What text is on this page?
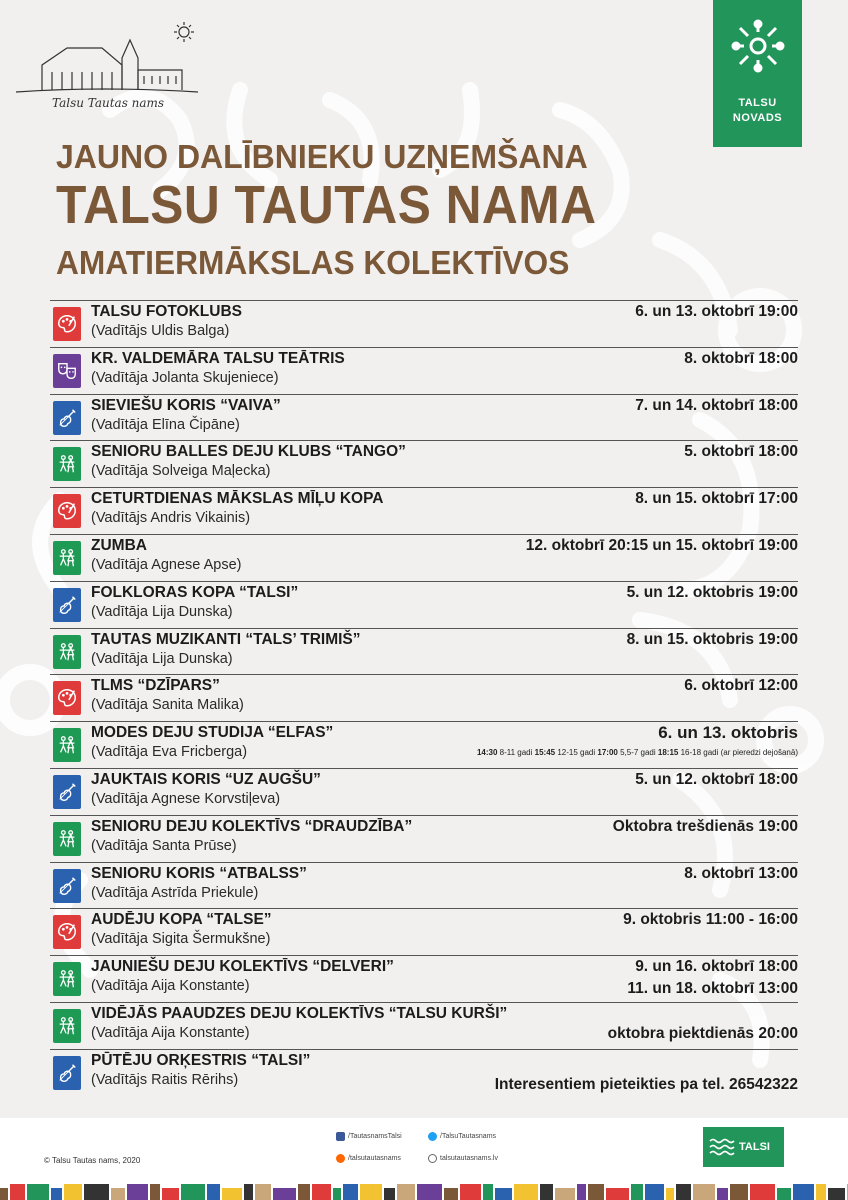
Talsu Tautas nams	TALSU
NOVADS
JAUNO DALĪBNIEKU UZŅEMŠANA
TALSU TAUTAS NAMA
AMATIERMĀKSLAS KOLEKTĪVOS
TALSU FOTOKLUBS
(Vadītājs Uldis Balga)
6. un 13. oktobrī 19:00
KR. VALDEMĀRA TALSU TEĀTRIS
(Vadītāja Jolanta Skujeniece)
8. oktobrī 18:00
SIEVIEŠU KORIS “VAIVA”
(Vadītāja Elīna Čipāne)
7. un 14. oktobrī 18:00
SENIORU BALLES DEJU KLUBS “TANGO”
(Vadītāja Solveiga Maļecka)
5. oktobrī 18:00
CETURTDIENAS MĀKSLAS MĪĻU KOPA
(Vadītājs Andris Vikainis)
8. un 15. oktobrī 17:00
ZUMBA
(Vadītāja Agnese Apse)
12. oktobrī 20:15 un 15. oktobrī 19:00
FOLKLORAS KOPA “TALSI”
(Vadītāja Lija Dunska)
5. un 12. oktobris 19:00
TAUTAS MUZIKANTI “TALS’ TRIMIŠ”
(Vadītāja Lija Dunska)
8. un 15. oktobris 19:00
TLMS “DZĪPARS”
(Vadītāja Sanita Malika)
6. oktobrī 12:00
MODES DEJU STUDIJA “ELFAS”
(Vadītāja Eva Fricberga)
6. un 13. oktobris
14:30 8-11 gadi 15:45 12-15 gadi 17:00 5,5-7 gadi 18:15 16-18 gadi (ar pieredzi dejošanā)
JAUKTAIS KORIS “UZ AUGŠU”
(Vadītāja Agnese Korvstiļeva)
5. un 12. oktobrī 18:00
SENIORU DEJU KOLEKTĪVS “DRAUDZĪBA”
(Vadītāja Santa Prūse)
Oktobra trešdienās 19:00
SENIORU KORIS “ATBALSS”
(Vadītāja Astrīda Priekule)
8. oktobrī 13:00
AUDĒJU KOPA “TALSE”
(Vadītāja Sigita Šermukšne)
9. oktobris 11:00 - 16:00
JAUNIEŠU DEJU KOLEKTĪVS “DELVERI”
(Vadītāja Aija Konstante)
9. un 16. oktobrī 18:00
11. un 18. oktobrī 13:00
VIDĒJĀS PAAUDZES DEJU KOLEKTĪVS “TALSU KURŠI”
(Vadītāja Aija Konstante)	oktobra piektdienās 20:00
PŪTĒJU ORĶESTRIS “TALSI”
(Vadītājs Raitis Rērihs)	Interesentiem pieteikties pa tel. 26542322
© Talsu Tautas nams, 2020
/TautasnamsTalsi	/TalsuTautasnams
/talsutautasnams	talsutautasnams.lv
TALSI
